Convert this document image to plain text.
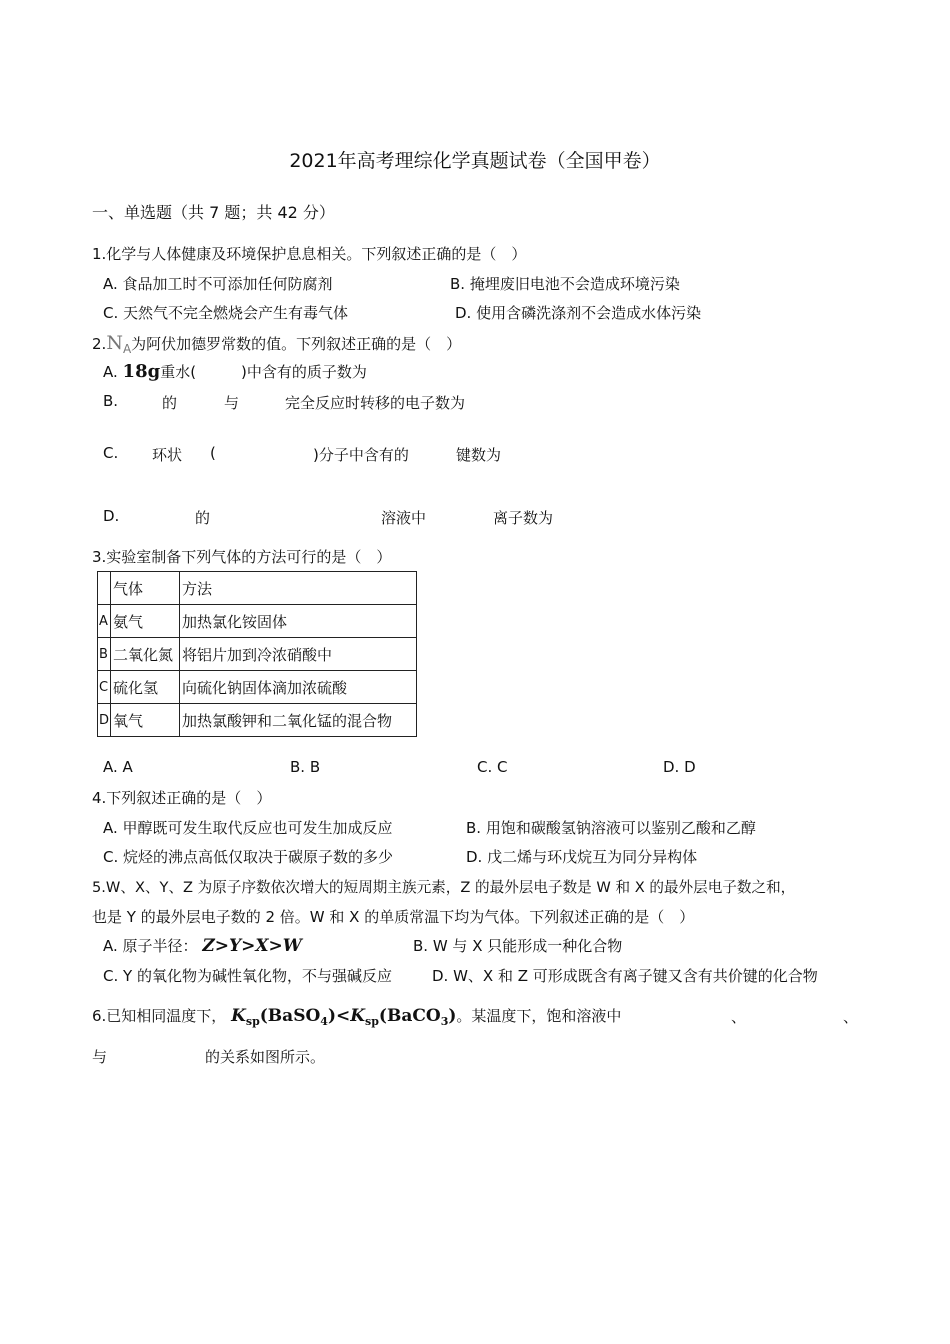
2021年高考理综化学真题试卷（全国甲卷）
一、单选题（共 7 题；共 42 分）
1.化学与人体健康及环境保护息息相关。下列叙述正确的是（　）
A. 食品加工时不可添加任何防腐剂	B. 掩埋废旧电池不会造成环境污染
C. 天然气不完全燃烧会产生有毒气体	D. 使用含磷洗涤剂不会造成水体污染
$2.N_A$为阿伏加德罗常数的值。下列叙述正确的是（　）
A. 18g重水(　　　)中含有的质子数为
B.	的	与	完全反应时转移的电子数为
C. 环状 (	)分子中含有的	键数为
D.	的	溶液中	离子数为
3.实验室制备下列气体的方法可行的是（　）
	气体	方法
A	氨气	加热氯化铵固体
B	二氧化氮	将铝片加到冷浓硝酸中
C	硫化氢	向硫化钠固体滴加浓硫酸
D	氧气	加热氯酸钾和二氧化锰的混合物
A. A	B. B	C. C	D. D
4.下列叙述正确的是（　）
A. 甲醇既可发生取代反应也可发生加成反应	B. 用饱和碳酸氢钠溶液可以鉴别乙酸和乙醇
C. 烷烃的沸点高低仅取决于碳原子数的多少	D. 戊二烯与环戊烷互为同分异构体
5.W、X、Y、Z 为原子序数依次增大的短周期主族元素，Z 的最外层电子数是 W 和 X 的最外层电子数之和，
也是 Y 的最外层电子数的 2 倍。W 和 X 的单质常温下均为气体。下列叙述正确的是（　）
A. 原子半径： Z>Y>X>W	B. W 与 X 只能形成一种化合物
C. Y 的氧化物为碱性氧化物，不与强碱反应	D. W、X 和 Z 可形成既含有离子键又含有共价键的化合物
6.已知相同温度下， $K_{sp}(BaSO_4)<K_{sp}(BaCO_3)$。某温度下，饱和溶液中	、	、
与	的关系如图所示。
